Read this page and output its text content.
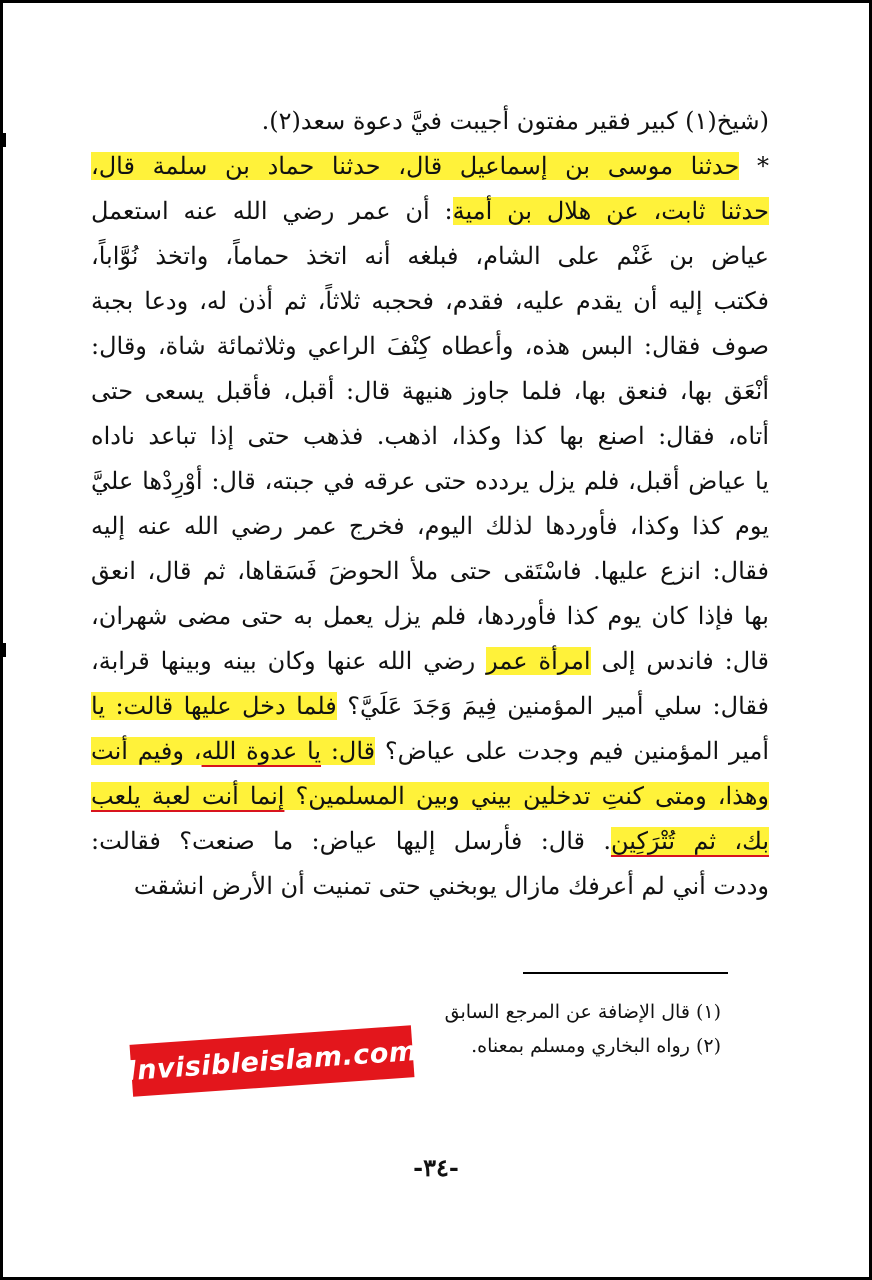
(شيخ(١) كبير فقير مفتون أجيبت فيَّ دعوة سعد(٢).
* حدثنا موسى بن إسماعيل قال، حدثنا حماد بن سلمة قال،
حدثنا ثابت، عن هلال بن أمية: أن عمر رضي الله عنه استعمل
عياض بن غَنْم على الشام، فبلغه أنه اتخذ حماماً، واتخذ نُوَّاباً،
فكتب إليه أن يقدم عليه، فقدم، فحجبه ثلاثاً، ثم أذن له، ودعا بجبة
صوف فقال: البس هذه، وأعطاه كِنْفَ الراعي وثلاثمائة شاة، وقال:
أنْعَق بها، فنعق بها، فلما جاوز هنيهة قال: أقبل، فأقبل يسعى حتى
أتاه، فقال: اصنع بها كذا وكذا، اذهب. فذهب حتى إذا تباعد ناداه
يا عياض أقبل، فلم يزل يردده حتى عرقه في جبته، قال: أوْرِدْها عليَّ
يوم كذا وكذا، فأوردها لذلك اليوم، فخرج عمر رضي الله عنه إليه
فقال: انزع عليها. فاسْتَقى حتى ملأ الحوضَ فَسَقاها، ثم قال، انعق
بها فإذا كان يوم كذا فأوردها، فلم يزل يعمل به حتى مضى شهران،
قال: فاندس إلى امرأة عمر رضي الله عنها وكان بينه وبينها قرابة،
فقال: سلي أمير المؤمنين فِيمَ وَجَدَ عَلَيَّ؟ فلما دخل عليها قالت: يا
أمير المؤمنين فيم وجدت على عياض؟ قال: يا عدوة الله، وفيم أنت
وهذا، ومتى كنتِ تدخلين بيني وبين المسلمين؟ إنما أنت لعبة يلعب
بك، ثم تُتْرَكِين. قال: فأرسل إليها عياض: ما صنعت؟ فقالت:
وددت أني لم أعرفك مازال يوبخني حتى تمنيت أن الأرض انشقت
(١) قال الإضافة عن المرجع السابق
(٢) رواه البخاري ومسلم بمعناه.
Invisibleislam.com
-٣٤-
